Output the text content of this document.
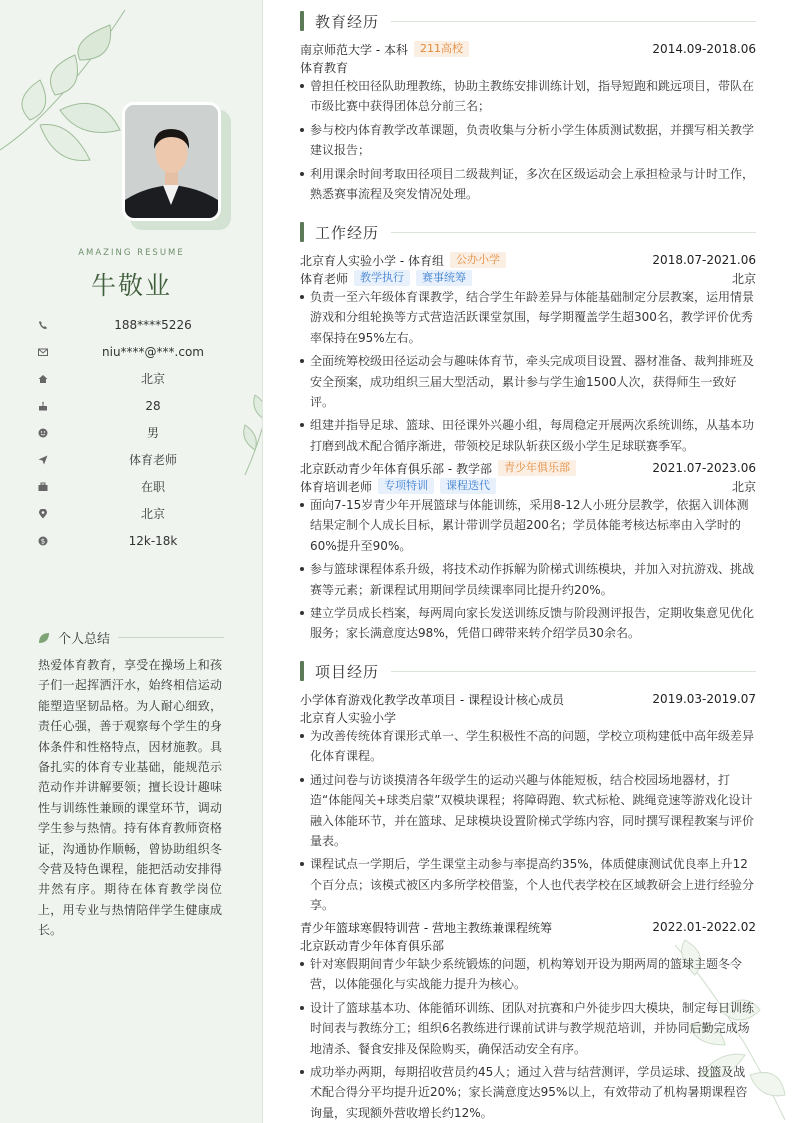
AMAZING RESUME
牛敬业
188****5226
niu****@***.com
北京
28
男
体育老师
在职
北京
$	12k-18k
个人总结
热爱体育教育，享受在操场上和孩子们一起挥洒汗水，始终相信运动能塑造坚韧品格。为人耐心细致，责任心强，善于观察每个学生的身体条件和性格特点，因材施教。具备扎实的体育专业基础，能规范示范动作并讲解要领；擅长设计趣味性与训练性兼顾的课堂环节，调动学生参与热情。持有体育教师资格证，沟通协作顺畅，曾协助组织冬令营及特色课程，能把活动安排得井然有序。期待在体育教学岗位上，用专业与热情陪伴学生健康成长。
教育经历
南京师范大学 - 本科	211高校	2014.09-2018.06
体育教育
曾担任校田径队助理教练，协助主教练安排训练计划，指导短跑和跳远项目，带队在市级比赛中获得团体总分前三名；
参与校内体育教学改革课题，负责收集与分析小学生体质测试数据，并撰写相关教学建议报告；
利用课余时间考取田径项目二级裁判证，多次在区级运动会上承担检录与计时工作，熟悉赛事流程及突发情况处理。
工作经历
北京育人实验小学 - 体育组	公办小学	2018.07-2021.06
体育老师	教学执行	赛事统筹	北京
负责一至六年级体育课教学，结合学生年龄差异与体能基础制定分层教案，运用情景游戏和分组轮换等方式营造活跃课堂氛围，每学期覆盖学生超300名，教学评价优秀率保持在95%左右。
全面统筹校级田径运动会与趣味体育节，牵头完成项目设置、器材准备、裁判排班及安全预案，成功组织三届大型活动，累计参与学生逾1500人次，获得师生一致好评。
组建并指导足球、篮球、田径课外兴趣小组，每周稳定开展两次系统训练，从基本功打磨到战术配合循序渐进，带领校足球队斩获区级小学生足球联赛季军。
北京跃动青少年体育俱乐部 - 教学部	青少年俱乐部	2021.07-2023.06
体育培训老师	专项特训	课程迭代	北京
面向7-15岁青少年开展篮球与体能训练，采用8-12人小班分层教学，依据入训体测结果定制个人成长目标，累计带训学员超200名；学员体能考核达标率由入学时的60%提升至90%。
参与篮球课程体系升级，将技术动作拆解为阶梯式训练模块，并加入对抗游戏、挑战赛等元素；新课程试用期间学员续课率同比提升约20%。
建立学员成长档案，每两周向家长发送训练反馈与阶段测评报告，定期收集意见优化服务；家长满意度达98%，凭借口碑带来转介绍学员30余名。
项目经历
小学体育游戏化教学改革项目 - 课程设计核心成员	2019.03-2019.07
北京育人实验小学
为改善传统体育课形式单一、学生积极性不高的问题，学校立项构建低中高年级差异化体育课程。
通过问卷与访谈摸清各年级学生的运动兴趣与体能短板，结合校园场地器材，打造“体能闯关+球类启蒙”双模块课程；将障碍跑、软式标枪、跳绳竞速等游戏化设计融入体能环节，并在篮球、足球模块设置阶梯式学练内容，同时撰写课程教案与评价量表。
课程试点一学期后，学生课堂主动参与率提高约35%，体质健康测试优良率上升12个百分点；该模式被区内多所学校借鉴，个人也代表学校在区域教研会上进行经验分享。
青少年篮球寒假特训营 - 营地主教练兼课程统筹	2022.01-2022.02
北京跃动青少年体育俱乐部
针对寒假期间青少年缺少系统锻炼的问题，机构筹划开设为期两周的篮球主题冬令营，以体能强化与实战能力提升为核心。
设计了篮球基本功、体能循环训练、团队对抗赛和户外徒步四大模块，制定每日训练时间表与教练分工；组织6名教练进行课前试讲与教学规范培训，并协同后勤完成场地清杀、餐食安排及保险购买，确保活动安全有序。
成功举办两期，每期招收营员约45人；通过入营与结营测评，学员运球、投篮及战术配合得分平均提升近20%；家长满意度达95%以上，有效带动了机构暑期课程咨询量，实现额外营收增长约12%。
